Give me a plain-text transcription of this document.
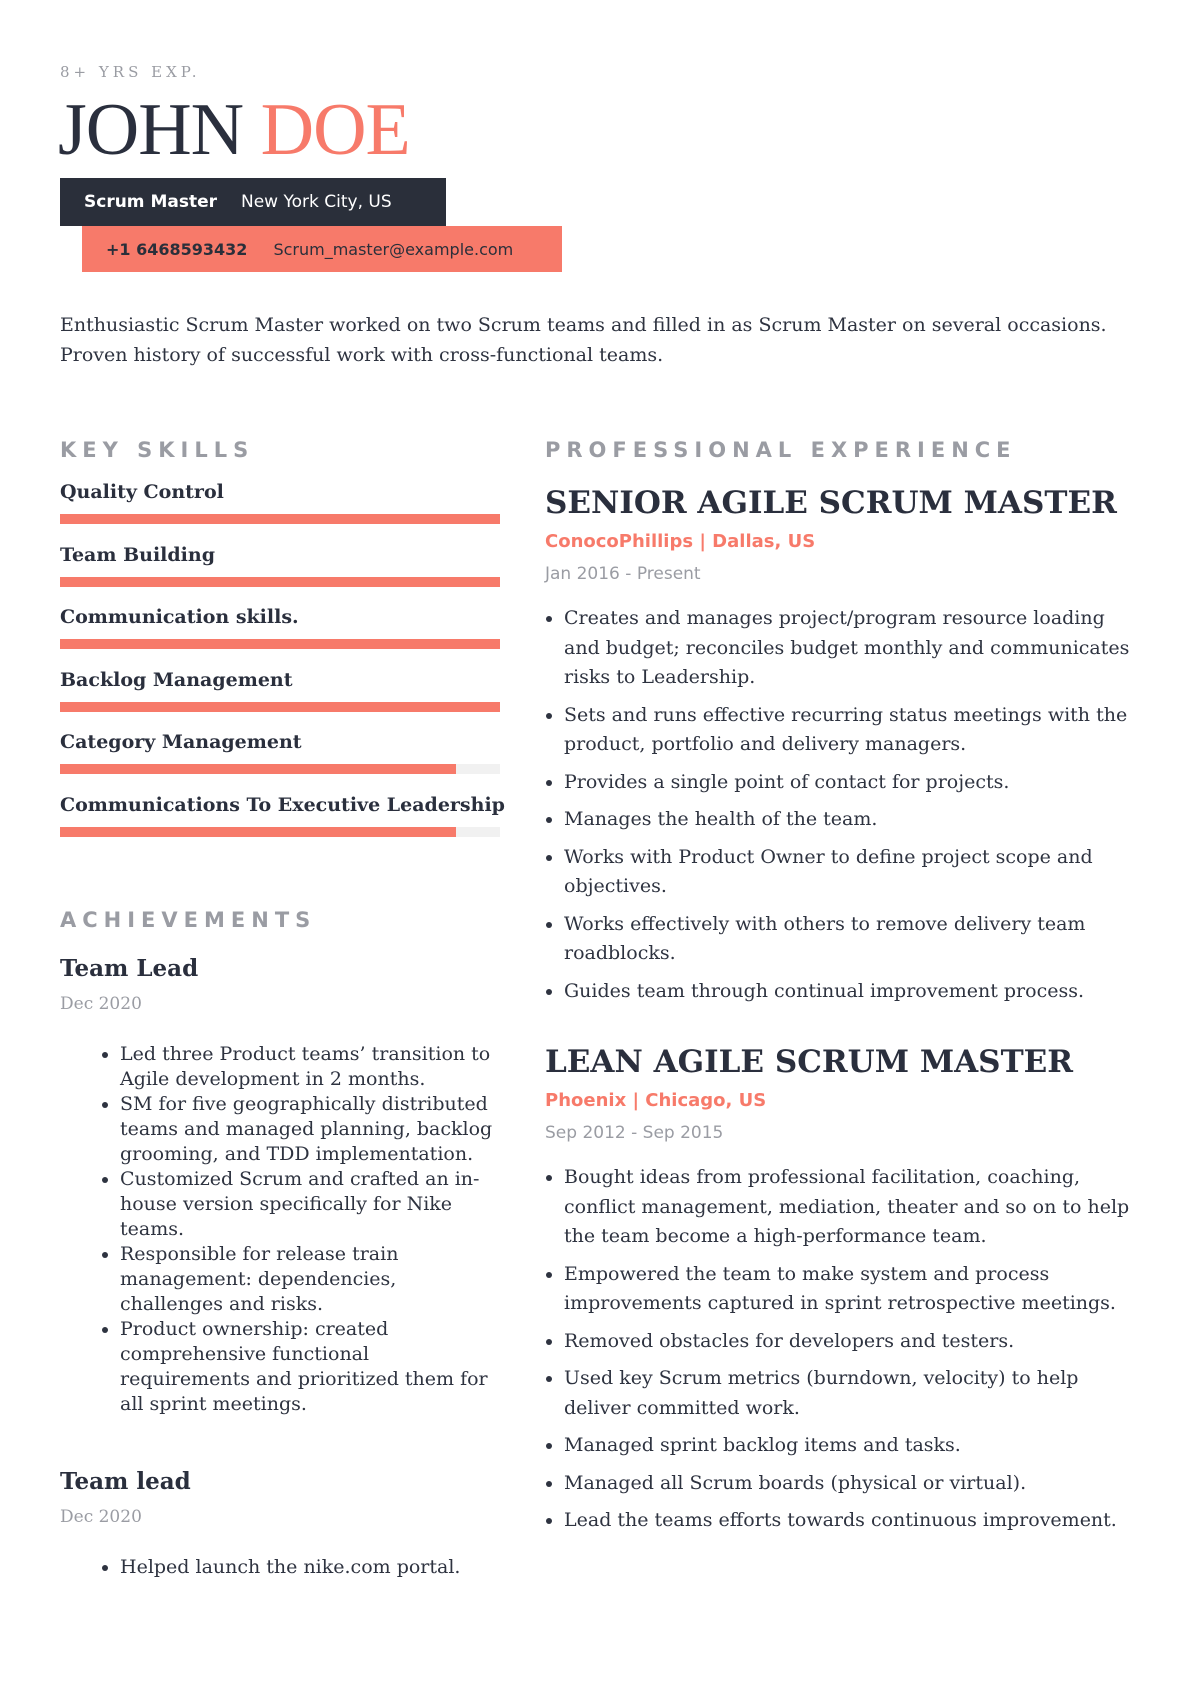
8+ YRS EXP.
JOHN DOE
Scrum Master New York City, US
+1 6468593432 Scrum_master@example.com

Enthusiastic Scrum Master worked on two Scrum teams and filled in as Scrum Master on several occasions. Proven history of successful work with cross-functional teams.

KEY SKILLS
Quality Control
Team Building
Communication skills.
Backlog Management
Category Management
Communications To Executive Leadership
ACHIEVEMENTS
Team Lead
Dec 2020
Led three Product teams’ transition to Agile development in 2 months.
SM for five geographically distributed teams and managed planning, backlog grooming, and TDD implementation.
Customized Scrum and crafted an in-house version specifically for Nike teams.
Responsible for release train management: dependencies, challenges and risks.
Product ownership: created comprehensive functional requirements and prioritized them for all sprint meetings.
Team lead
Dec 2020
Helped launch the nike.com portal.
PROFESSIONAL EXPERIENCE
SENIOR AGILE SCRUM MASTER
ConocoPhillips | Dallas, US
Jan 2016 - Present
Creates and manages project/program resource loading and budget; reconciles budget monthly and communicates risks to Leadership.
Sets and runs effective recurring status meetings with the product, portfolio and delivery managers.
Provides a single point of contact for projects.
Manages the health of the team.
Works with Product Owner to define project scope and objectives.
Works effectively with others to remove delivery team roadblocks.
Guides team through continual improvement process.
LEAN AGILE SCRUM MASTER
Phoenix | Chicago, US
Sep 2012 - Sep 2015
Bought ideas from professional facilitation, coaching, conflict management, mediation, theater and so on to help the team become a high-performance team.
Empowered the team to make system and process improvements captured in sprint retrospective meetings.
Removed obstacles for developers and testers.
Used key Scrum metrics (burndown, velocity) to help deliver committed work.
Managed sprint backlog items and tasks.
Managed all Scrum boards (physical or virtual).
Lead the teams efforts towards continuous improvement.
